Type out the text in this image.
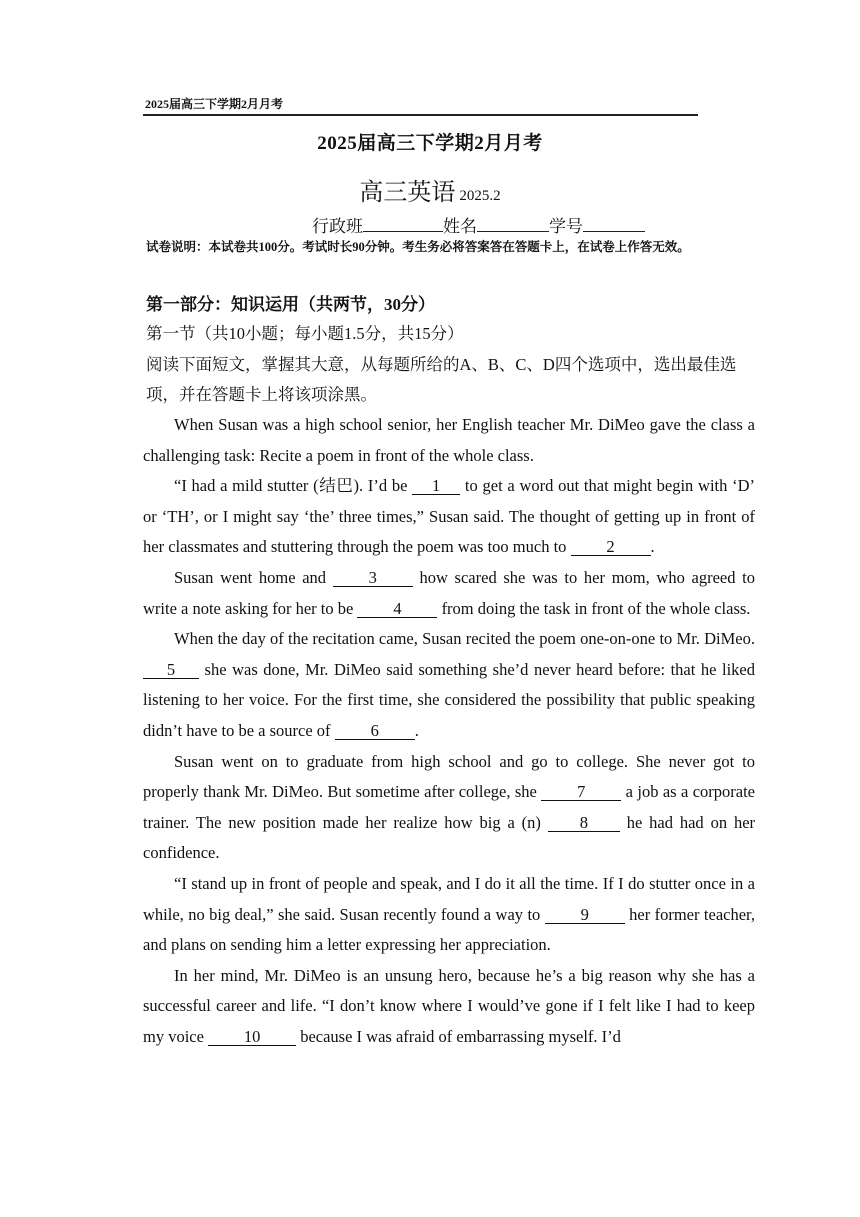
2025届高三下学期2月月考
2025届高三下学期2月月考
高三英语 2025.2
行政班	姓名	学号
试卷说明：本试卷共100分。考试时长90分钟。考生务必将答案答在答题卡上，在试卷上作答无效。
第一部分：知识运用（共两节，30分）
第一节（共10小题；每小题1.5分，共15分）
阅读下面短文，掌握其大意，从每题所给的A、B、C、D四个选项中，选出最佳选项，并在答题卡上将该项涂黑。

When Susan was a high school senior, her English teacher Mr. DiMeo gave the class a challenging task: Recite a poem in front of the whole class.

“I had a mild stutter (结巴). I’d be 1 to get a word out that might begin with ‘D’ or ‘TH’, or I might say ‘the’ three times,” Susan said. The thought of getting up in front of her classmates and stuttering through the poem was too much to 2 .

Susan went home and	3	how scared she was to her mom, who agreed to write a note asking for her to be 4 from doing the task in front of the whole class.

When the day of the recitation came, Susan recited the poem one-on-one to Mr. DiMeo. 5 she was done, Mr. DiMeo said something she’d never heard before: that he liked listening to her voice. For the first time, she considered the possibility that public speaking didn’t have to be a source of 6 .

Susan went on to graduate from high school and go to college. She never got to properly thank Mr. DiMeo. But sometime after college, she 7 a job as a corporate trainer. The new position made her realize how big a (n) 8 he had had on her confidence.

“I stand up in front of people and speak, and I do it all the time. If I do stutter once in a while, no big deal,” she said. Susan recently found a way to 9 her former teacher, and plans on sending him a letter expressing her appreciation.

In her mind, Mr. DiMeo is an unsung hero, because he’s a big reason why she has a successful career and life. “I don’t know where I would’ve gone if I felt like I had to keep my voice 10 because I was afraid of embarrassing myself. I’d
